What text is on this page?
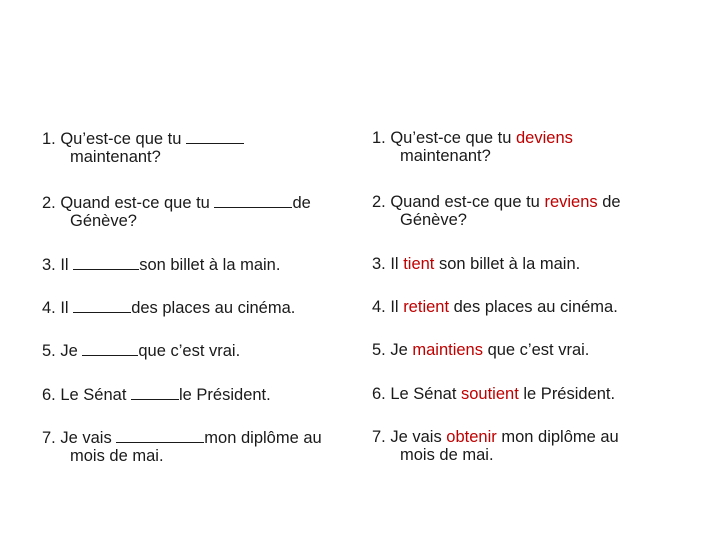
1. Qu’est-ce que tu
maintenant?
2. Quand est-ce que tu	de
Génève?
3. Il	son billet à la main.
4. Il	des places au cinéma.
5. Je	que c’est vrai.
6. Le Sénat	le Président.
7. Je vais	mon diplôme au
mois de mai.
1. Qu’est-ce que tu deviens
maintenant?
2. Quand est-ce que tu reviens de
Génève?
3. Il tient son billet à la main.
4. Il retient des places au cinéma.
5. Je maintiens que c’est vrai.
6. Le Sénat soutient le Président.
7. Je vais obtenir mon diplôme au
mois de mai.
